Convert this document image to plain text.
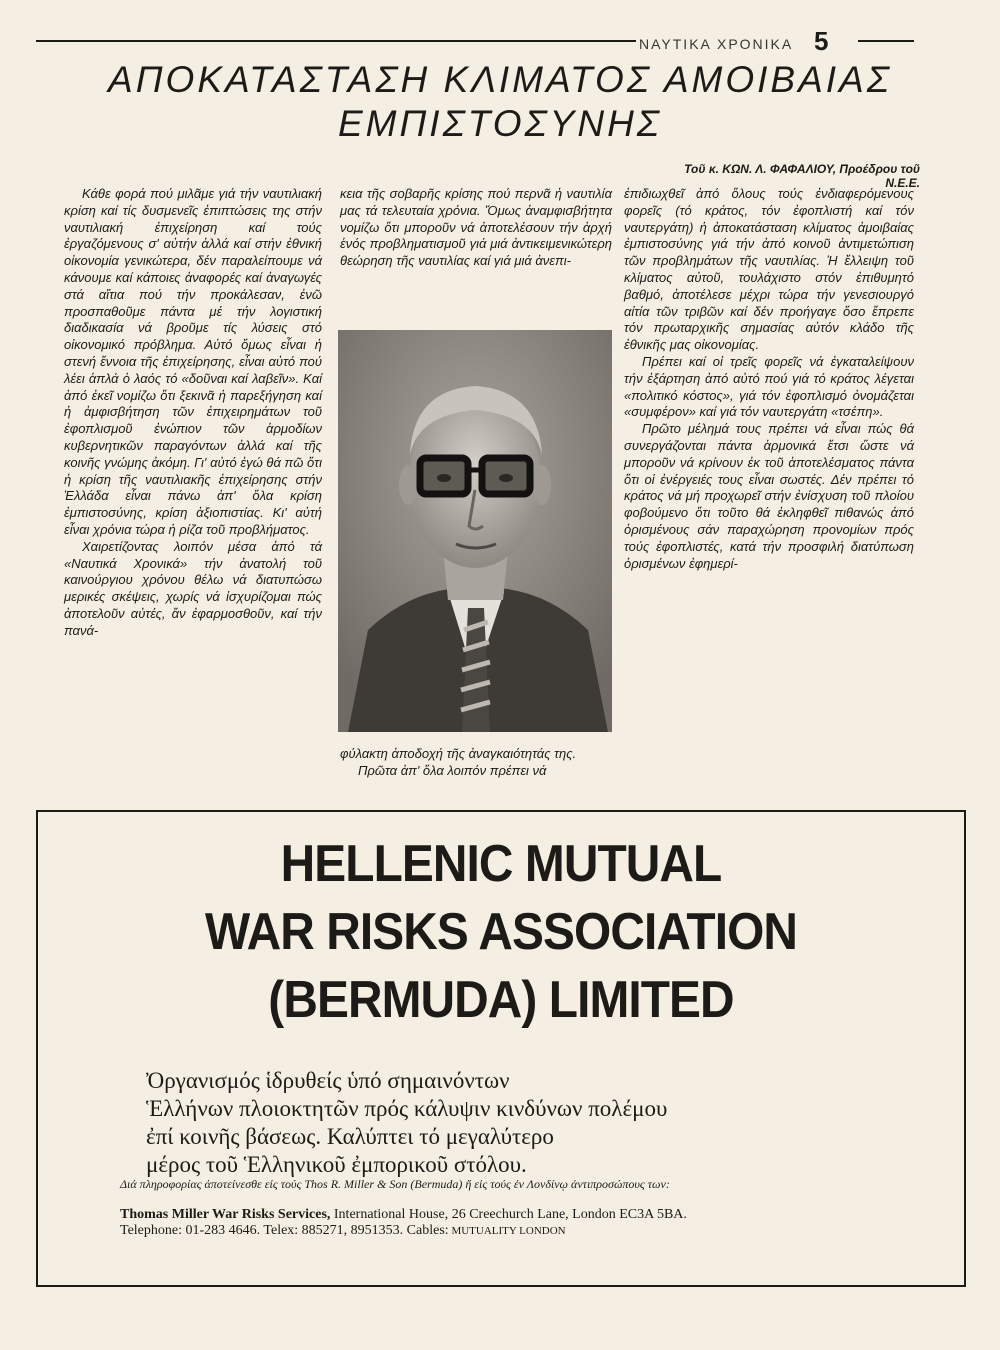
ΝΑΥΤΙΚΑ ΧΡΟΝΙΚΑ 5
ΑΠΟΚΑΤΑΣΤΑΣΗ ΚΛΙΜΑΤΟΣ ΑΜΟΙΒΑΙΑΣ
ΕΜΠΙΣΤΟΣΥΝΗΣ
Τοῦ κ. ΚΩΝ. Λ. ΦΑΦΑΛΙΟΥ, Προέδρου τοῦ Ν.Ε.Ε.

Κάθε φορά πού μιλᾶμε γιά τήν ναυτιλιακή κρίση καί τίς δυσμενεῖς ἐπιπτώσεις της στήν ναυτιλιακή ἐπιχείρηση καί τούς ἐργαζόμενους σ' αὐτήν ἀλλά καί στήν ἐθνική οἰκονομία γενικώτερα, δέν παραλείπουμε νά κάνουμε καί κάποιες ἀναφορές καί ἀναγωγές στά αἴτια πού τήν προκάλεσαν, ἐνῶ προσπαθοῦμε πάντα μέ τήν λογιστική διαδικασία νά βροῦμε τίς λύσεις στό οἰκονομικό πρόβλημα. Αὐτό ὅμως εἶναι ἡ στενή ἔννοια τῆς ἐπιχείρησης, εἶναι αὐτό πού λέει ἁπλά ὁ λαός τό «δοῦναι καί λαβεῖν». Καί ἀπό ἐκεῖ νομίζω ὅτι ξεκινᾶ ἡ παρεξήγηση καί ἡ ἀμφισβήτηση τῶν ἐπιχειρημάτων τοῦ ἐφοπλισμοῦ ἐνώπιον τῶν ἁρμοδίων κυβερνητικῶν παραγόντων ἀλλά καί τῆς κοινῆς γνώμης ἀκόμη. Γι' αὐτό ἐγώ θά πῶ ὅτι ἡ κρίση τῆς ναυτιλιακῆς ἐπιχείρησης στήν Ἑλλάδα εἶναι πάνω ἀπ' ὅλα κρίση ἐμπιστοσύνης, κρίση ἀξιοπιστίας. Κι' αὐτή εἶναι χρόνια τώρα ἡ ρίζα τοῦ προβλήματος.

Χαιρετίζοντας λοιπόν μέσα ἀπό τά «Ναυτικά Χρονικά» τήν ἀνατολή τοῦ καινούργιου χρόνου θέλω νά διατυπώσω μερικές σκέψεις, χωρίς νά ἰσχυρίζομαι πώς ἀποτελοῦν αὐτές, ἄν ἐφαρμοσθοῦν, καί τήν πανά-

κεια τῆς σοβαρῆς κρίσης πού περνᾶ ἡ ναυτιλία μας τά τελευταία χρόνια. Ὅμως ἀναμφισβήτητα νομίζω ὅτι μποροῦν νά ἀποτελέσουν τήν ἀρχή ἑνός προβληματισμοῦ γιά μιά ἀντικειμενικώτερη θεώρηση τῆς ναυτιλίας καί γιά μιά ἀνεπι-

φύλακτη ἀποδοχή τῆς ἀναγκαιότητάς της.

Πρῶτα ἀπ' ὅλα λοιπόν πρέπει νά

ἐπιδιωχθεῖ ἀπό ὅλους τούς ἐνδιαφερόμενους φορεῖς (τό κράτος, τόν ἐφοπλιστή καί τόν ναυτεργάτη) ἡ ἀποκατάσταση κλίματος ἀμοιβαίας ἐμπιστοσύνης γιά τήν ἀπό κοινοῦ ἀντιμετώπιση τῶν προβλημάτων τῆς ναυτιλίας. Ἡ ἔλλειψη τοῦ κλίματος αὐτοῦ, τουλάχιστο στόν ἐπιθυμητό βαθμό, ἀποτέλεσε μέχρι τώρα τήν γενεσιουργό αἰτία τῶν τριβῶν καί δέν προήγαγε ὅσο ἔπρεπε τόν πρωταρχικῆς σημασίας αὐτόν κλάδο τῆς ἐθνικῆς μας οἰκονομίας.

Πρέπει καί οἱ τρεῖς φορεῖς νά ἐγκαταλείψουν τήν ἐξάρτηση ἀπό αὐτό πού γιά τό κράτος λέγεται «πολιτικό κόστος», γιά τόν ἐφοπλισμό ὀνομάζεται «συμφέρον» καί γιά τόν ναυτεργάτη «τσέπη».

Πρῶτο μέλημά τους πρέπει νά εἶναι πώς θά συνεργάζονται πάντα ἁρμονικά ἔτσι ὥστε νά μποροῦν νά κρίνουν ἐκ τοῦ ἀποτελέσματος πάντα ὅτι οἱ ἐνέργειές τους εἶναι σωστές. Δέν πρέπει τό κράτος νά μή προχωρεῖ στήν ἐνίσχυση τοῦ πλοίου φοβούμενο ὅτι τοῦτο θά ἐκληφθεῖ πιθανώς ἀπό ὁρισμένους σάν παραχώρηση προνομίων πρός τούς ἐφοπλιστές, κατά τήν προσφιλή διατύπωση ὁρισμένων ἐφημερί-

HELLENIC MUTUAL
WAR RISKS ASSOCIATION
(BERMUDA) LIMITED
Ὀργανισμός ἱδρυθείς ὑπό σημαινόντων
Ἑλλήνων πλοιοκτητῶν πρός κάλυψιν κινδύνων πολέμου
ἐπί κοινῆς βάσεως. Καλύπτει τό μεγαλύτερο
μέρος τοῦ Ἑλληνικοῦ ἐμπορικοῦ στόλου.
Διά πληροφορίας ἀποτείνεσθε εἰς τούς Thos R. Miller & Son (Bermuda) ἤ εἰς τούς ἐν Λονδίνῳ ἀντιπροσώπους των:
Thomas Miller War Risks Services, International House, 26 Creechurch Lane, London EC3A 5BA.
Telephone: 01-283 4646. Telex: 885271, 8951353. Cables: MUTUALITY LONDON
